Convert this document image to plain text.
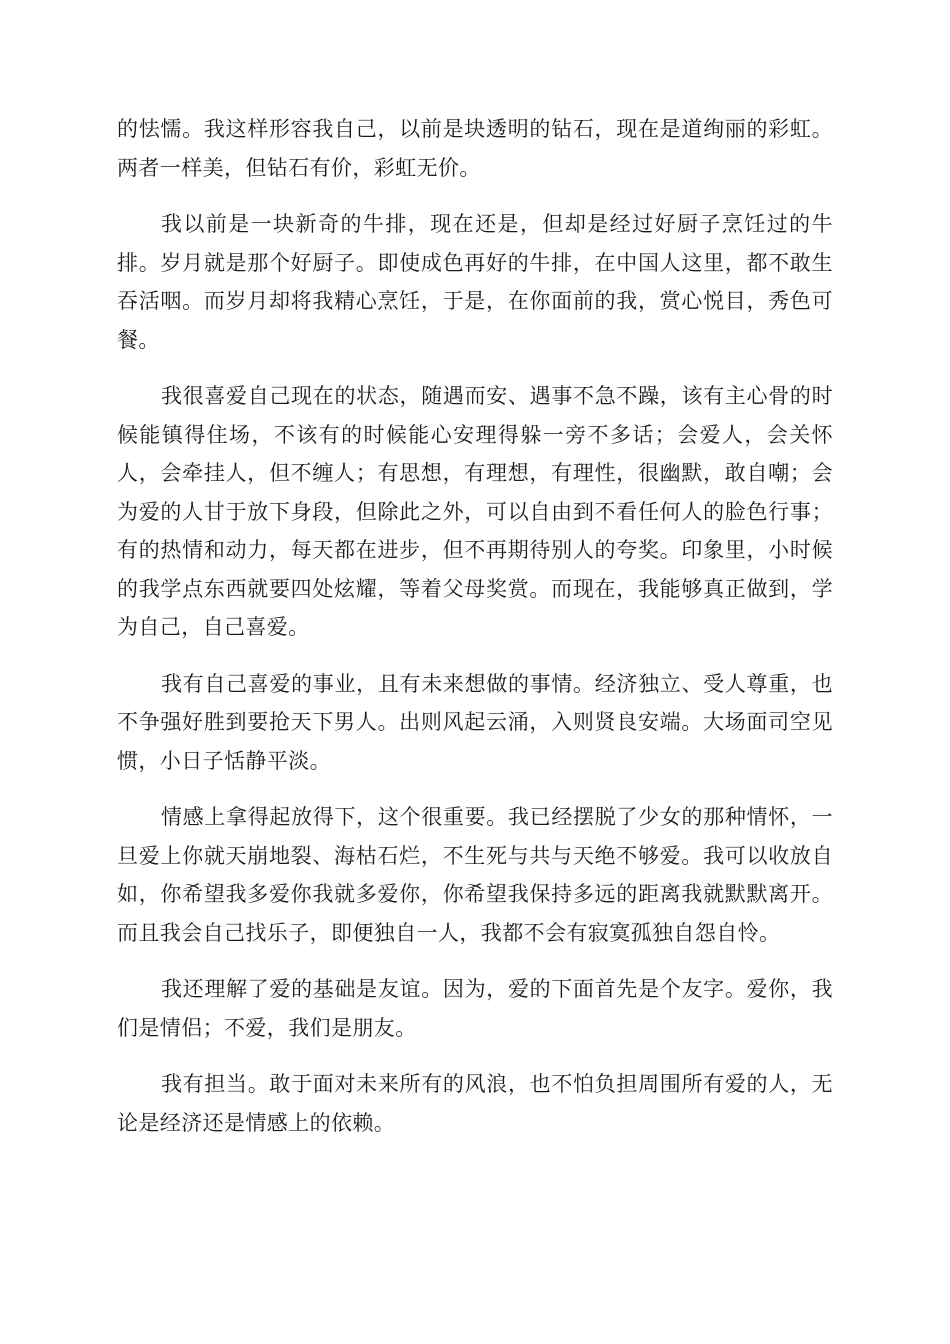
的怯懦。我这样形容我自己，以前是块透明的钻石，现在是道绚丽的彩虹。两者一样美，但钻石有价，彩虹无价。

我以前是一块新奇的牛排，现在还是，但却是经过好厨子烹饪过的牛排。岁月就是那个好厨子。即使成色再好的牛排，在中国人这里，都不敢生吞活咽。而岁月却将我精心烹饪，于是，在你面前的我，赏心悦目，秀色可餐。

我很喜爱自己现在的状态，随遇而安、遇事不急不躁，该有主心骨的时候能镇得住场，不该有的时候能心安理得躲一旁不多话；会爱人，会关怀人，会牵挂人，但不缠人；有思想，有理想，有理性，很幽默，敢自嘲；会为爱的人甘于放下身段，但除此之外，可以自由到不看任何人的脸色行事；有的热情和动力，每天都在进步，但不再期待别人的夸奖。印象里，小时候的我学点东西就要四处炫耀，等着父母奖赏。而现在，我能够真正做到，学为自己，自己喜爱。

我有自己喜爱的事业，且有未来想做的事情。经济独立、受人尊重，也不争强好胜到要抢天下男人。出则风起云涌，入则贤良安端。大场面司空见惯，小日子恬静平淡。

情感上拿得起放得下，这个很重要。我已经摆脱了少女的那种情怀，一旦爱上你就天崩地裂、海枯石烂，不生死与共与天绝不够爱。我可以收放自如，你希望我多爱你我就多爱你，你希望我保持多远的距离我就默默离开。而且我会自己找乐子，即便独自一人，我都不会有寂寞孤独自怨自怜。

我还理解了爱的基础是友谊。因为，爱的下面首先是个友字。爱你，我们是情侣；不爱，我们是朋友。

我有担当。敢于面对未来所有的风浪，也不怕负担周围所有爱的人，无论是经济还是情感上的依赖。
